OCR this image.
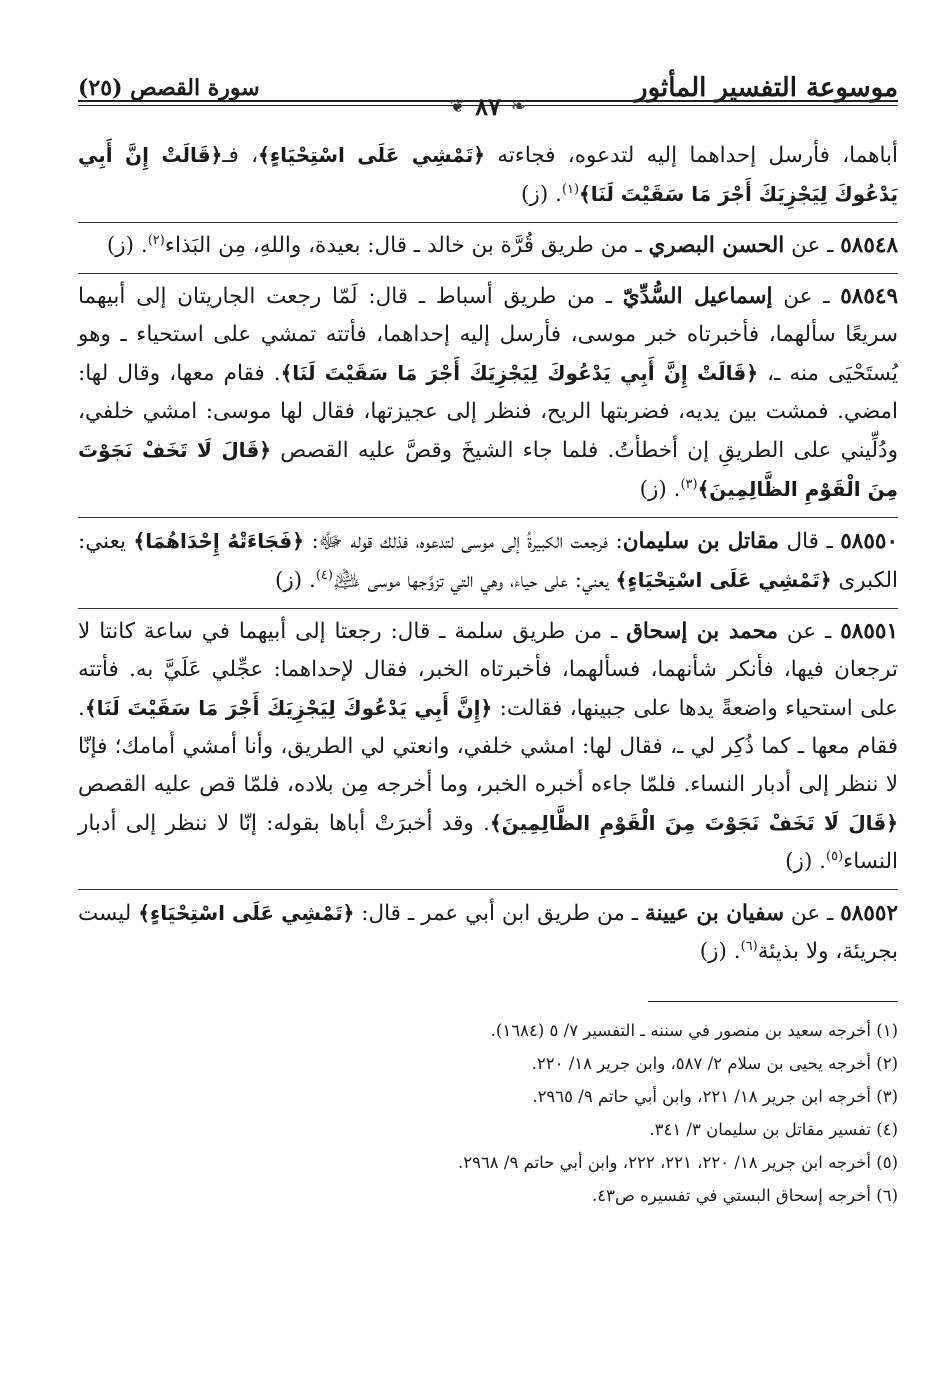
موسوعة التفسير المأثور
سورة القصص (٢٥)
❦ ٨٧ ❧

أباهما، فأرسل إحداهما إليه لتدعوه، فجاءته ﴿تَمْشِي عَلَى اسْتِحْيَاءٍ﴾، فـ﴿قَالَتْ إِنَّ أَبِي يَدْعُوكَ لِيَجْزِيَكَ أَجْرَ مَا سَقَيْتَ لَنَا﴾$^{(١)}$. (ز)

٥٨٥٤٨ ـ عن الحسن البصري ـ من طريق قُرَّة بن خالد ـ قال: بعيدة، واللهِ، مِن البَذاء$^{(٢)}$. (ز)

٥٨٥٤٩ ـ عن إسماعيل السُّدِّيّ ـ من طريق أسباط ـ قال: لَمّا رجعت الجاريتان إلى أبيهما سريعًا سألهما، فأخبرتاه خبر موسى، فأرسل إليه إحداهما، فأتته تمشي على استحياء ـ وهو يُستَحْيَى منه ـ، ﴿قَالَتْ إِنَّ أَبِي يَدْعُوكَ لِيَجْزِيَكَ أَجْرَ مَا سَقَيْتَ لَنَا﴾. فقام معها، وقال لها: امضي. فمشت بين يديه، فضربتها الريح، فنظر إلى عجيزتها، فقال لها موسى: امشي خلفي، ودُلِّيني على الطريقِ إن أخطأتُ. فلما جاء الشيخَ وقصَّ عليه القصص ﴿قَالَ لَا تَخَفْ نَجَوْتَ مِنَ الْقَوْمِ الظَّالِمِينَ﴾$^{(٣)}$. (ز)

٥٨٥٥٠ ـ قال مقاتل بن سليمان: فرجعت الكبيرةُ إلى موسى لتدعوه، فذلك قوله ﷻ: ﴿فَجَاءَتْهُ إِحْدَاهُمَا﴾ يعني: الكبرى ﴿تَمْشِي عَلَى اسْتِحْيَاءٍ﴾ يعني: على حياء، وهي التي تزوَّجها موسى ﵇$^{(٤)}$. (ز)

٥٨٥٥١ ـ عن محمد بن إسحاق ـ من طريق سلمة ـ قال: رجعتا إلى أبيهما في ساعة كانتا لا ترجعان فيها، فأنكر شأنهما، فسألهما، فأخبرتاه الخبر، فقال لإحداهما: عجِّلي عَلَيَّ به. فأتته على استحياء واضعةً يدها على جبينها، فقالت: ﴿إِنَّ أَبِي يَدْعُوكَ لِيَجْزِيَكَ أَجْرَ مَا سَقَيْتَ لَنَا﴾. فقام معها ـ كما ذُكِر لي ـ، فقال لها: امشي خلفي، وانعتي لي الطريق، وأنا أمشي أمامك؛ فإنّا لا ننظر إلى أدبار النساء. فلمّا جاءه أخبره الخبر، وما أخرجه مِن بلاده، فلمّا قص عليه القصص ﴿قَالَ لَا تَخَفْ نَجَوْتَ مِنَ الْقَوْمِ الظَّالِمِينَ﴾. وقد أخبرَتْ أباها بقوله: إنّا لا ننظر إلى أدبار النساء$^{(٥)}$. (ز)

٥٨٥٥٢ ـ عن سفيان بن عيينة ـ من طريق ابن أبي عمر ـ قال: ﴿تَمْشِي عَلَى اسْتِحْيَاءٍ﴾ ليست بجريئة، ولا بذيئة$^{(٦)}$. (ز)

(١) أخرجه سعيد بن منصور في سننه ـ التفسير ٧/ ٥ (١٦٨٤).

(٢) أخرجه يحيى بن سلام ٢/ ٥٨٧، وابن جرير ١٨/ ٢٢٠.

(٣) أخرجه ابن جرير ١٨/ ٢٢١، وابن أبي حاتم ٩/ ٢٩٦٥.

(٤) تفسير مقاتل بن سليمان ٣/ ٣٤١.

(٥) أخرجه ابن جرير ١٨/ ٢٢٠، ٢٢١، ٢٢٢، وابن أبي حاتم ٩/ ٢٩٦٨.

(٦) أخرجه إسحاق البستي في تفسيره ص٤٣.
